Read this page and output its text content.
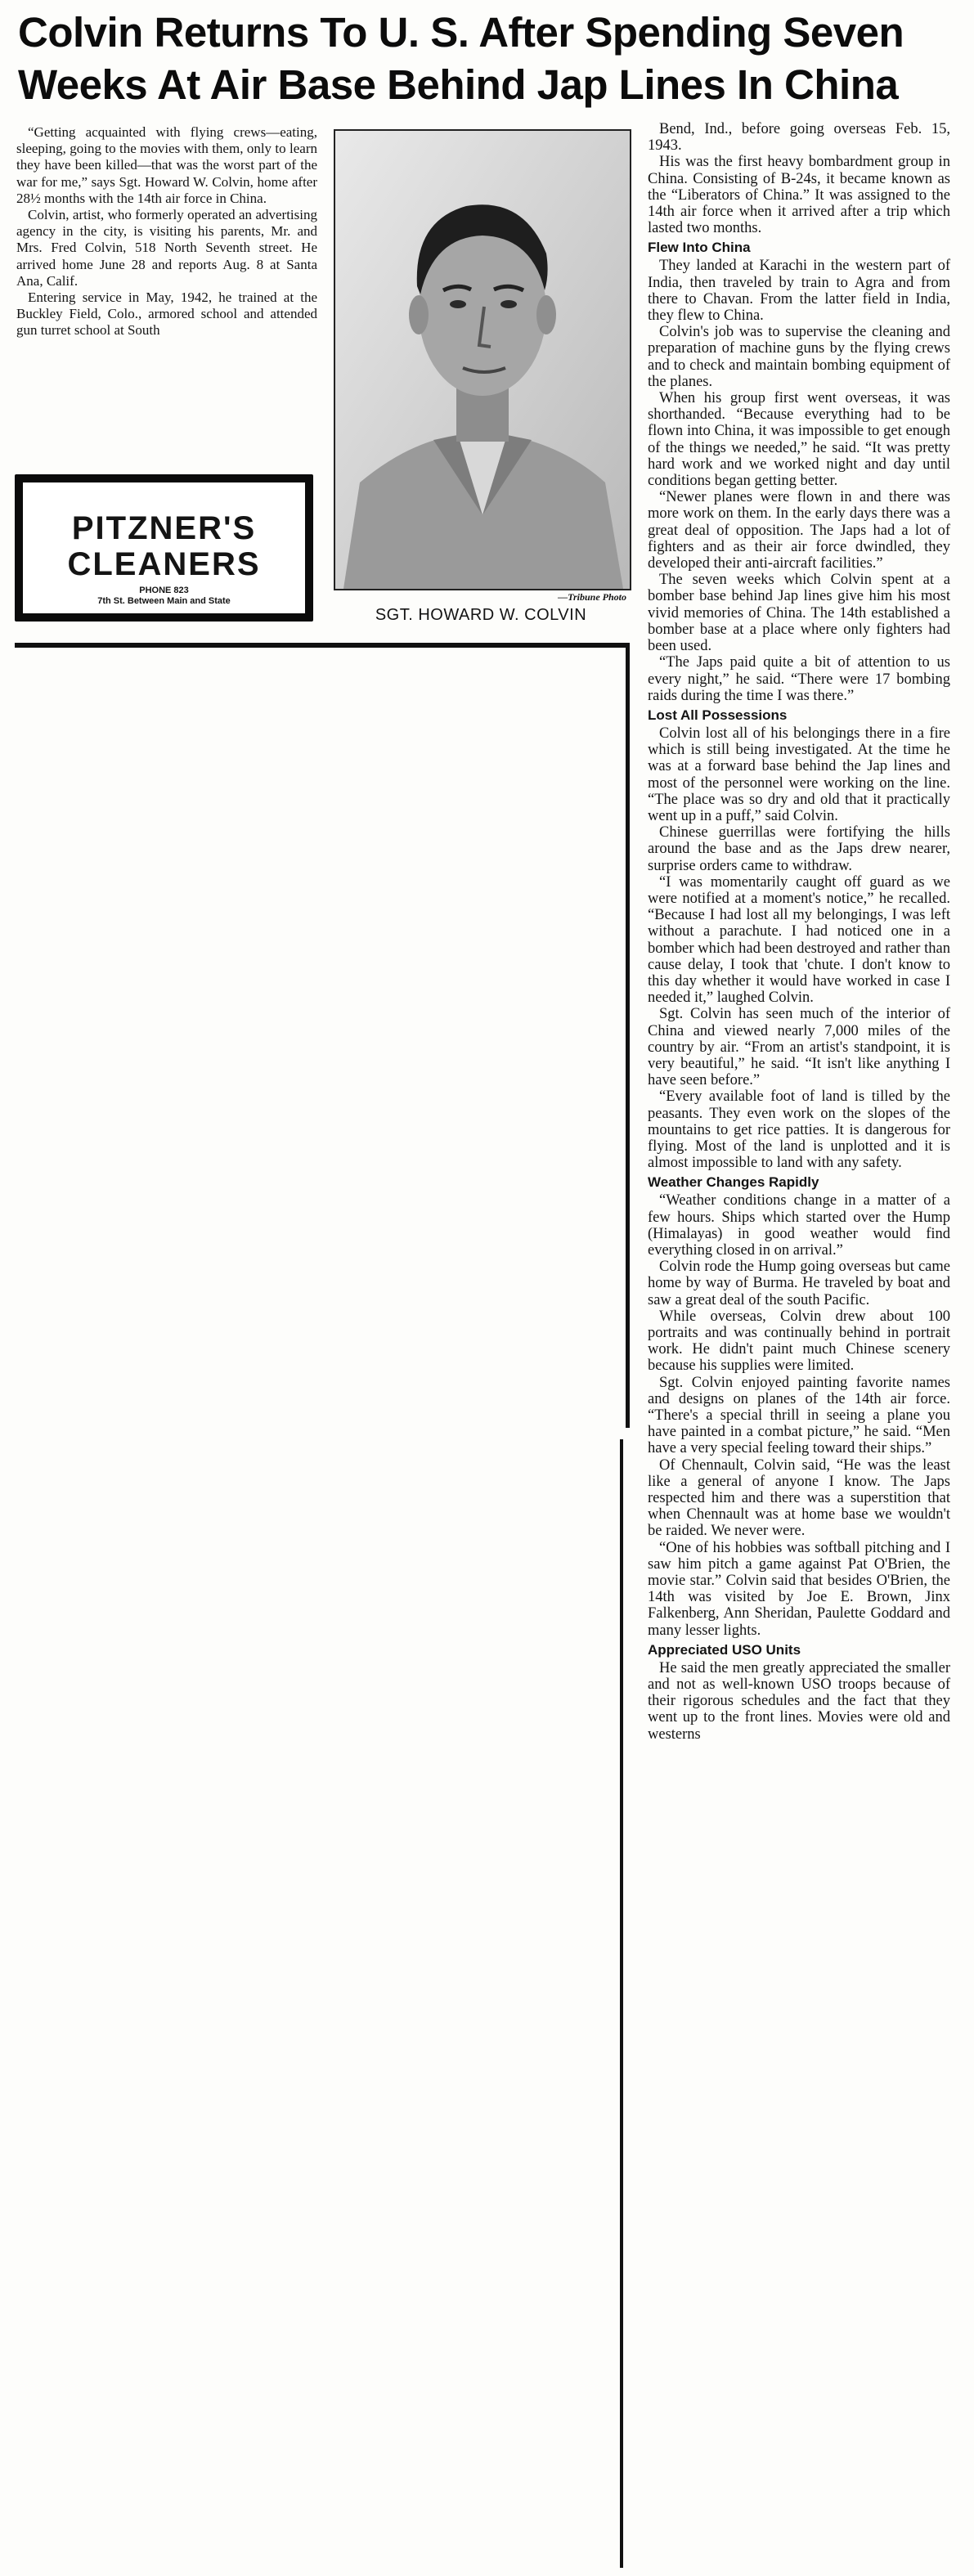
Colvin Returns To U. S. After Spending Seven
Weeks At Air Base Behind Jap Lines In China

“Getting acquainted with flying crews—eating, sleeping, going to the movies with them, only to learn they have been killed—that was the worst part of the war for me,” says Sgt. Howard W. Colvin, home after 28½ months with the 14th air force in China.

Colvin, artist, who formerly operated an advertising agency in the city, is visiting his parents, Mr. and Mrs. Fred Colvin, 518 North Seventh street. He arrived home June 28 and reports Aug. 8 at Santa Ana, Calif.

Entering service in May, 1942, he trained at the Buckley Field, Colo., armored school and attended gun turret school at South

—Tribune Photo
SGT. HOWARD W. COLVIN
PITZNER'S
CLEANERS
PHONE 823
7th St. Between Main and State

Bend, Ind., before going overseas Feb. 15, 1943.

His was the first heavy bombardment group in China. Consisting of B-24s, it became known as the “Liberators of China.” It was assigned to the 14th air force when it arrived after a trip which lasted two months.

Flew Into China

They landed at Karachi in the western part of India, then traveled by train to Agra and from there to Chavan. From the latter field in India, they flew to China.

Colvin's job was to supervise the cleaning and preparation of machine guns by the flying crews and to check and maintain bombing equipment of the planes.

When his group first went overseas, it was shorthanded. “Because everything had to be flown into China, it was impossible to get enough of the things we needed,” he said. “It was pretty hard work and we worked night and day until conditions began getting better.

“Newer planes were flown in and there was more work on them. In the early days there was a great deal of opposition. The Japs had a lot of fighters and as their air force dwindled, they developed their anti-aircraft facilities.”

The seven weeks which Colvin spent at a bomber base behind Jap lines give him his most vivid memories of China. The 14th established a bomber base at a place where only fighters had been used.

“The Japs paid quite a bit of attention to us every night,” he said. “There were 17 bombing raids during the time I was there.”

Lost All Possessions

Colvin lost all of his belongings there in a fire which is still being investigated. At the time he was at a forward base behind the Jap lines and most of the personnel were working on the line. “The place was so dry and old that it practically went up in a puff,” said Colvin.

Chinese guerrillas were fortifying the hills around the base and as the Japs drew nearer, surprise orders came to withdraw.

“I was momentarily caught off guard as we were notified at a moment's notice,” he recalled. “Because I had lost all my belongings, I was left without a parachute. I had noticed one in a bomber which had been destroyed and rather than cause delay, I took that 'chute. I don't know to this day whether it would have worked in case I needed it,” laughed Colvin.

Sgt. Colvin has seen much of the interior of China and viewed nearly 7,000 miles of the country by air. “From an artist's standpoint, it is very beautiful,” he said. “It isn't like anything I have seen before.”

“Every available foot of land is tilled by the peasants. They even work on the slopes of the mountains to get rice patties. It is dangerous for flying. Most of the land is unplotted and it is almost impossible to land with any safety.

Weather Changes Rapidly

“Weather conditions change in a matter of a few hours. Ships which started over the Hump (Himalayas) in good weather would find everything closed in on arrival.”

Colvin rode the Hump going overseas but came home by way of Burma. He traveled by boat and saw a great deal of the south Pacific.

While overseas, Colvin drew about 100 portraits and was continually behind in portrait work. He didn't paint much Chinese scenery because his supplies were limited.

Sgt. Colvin enjoyed painting favorite names and designs on planes of the 14th air force. “There's a special thrill in seeing a plane you have painted in a combat picture,” he said. “Men have a very special feeling toward their ships.”

Of Chennault, Colvin said, “He was the least like a general of anyone I know. The Japs respected him and there was a superstition that when Chennault was at home base we wouldn't be raided. We never were.

“One of his hobbies was softball pitching and I saw him pitch a game against Pat O'Brien, the movie star.” Colvin said that besides O'Brien, the 14th was visited by Joe E. Brown, Jinx Falkenberg, Ann Sheridan, Paulette Goddard and many lesser lights.

Appreciated USO Units

He said the men greatly appreciated the smaller and not as well-known USO troops because of their rigorous schedules and the fact that they went up to the front lines. Movies were old and westerns
